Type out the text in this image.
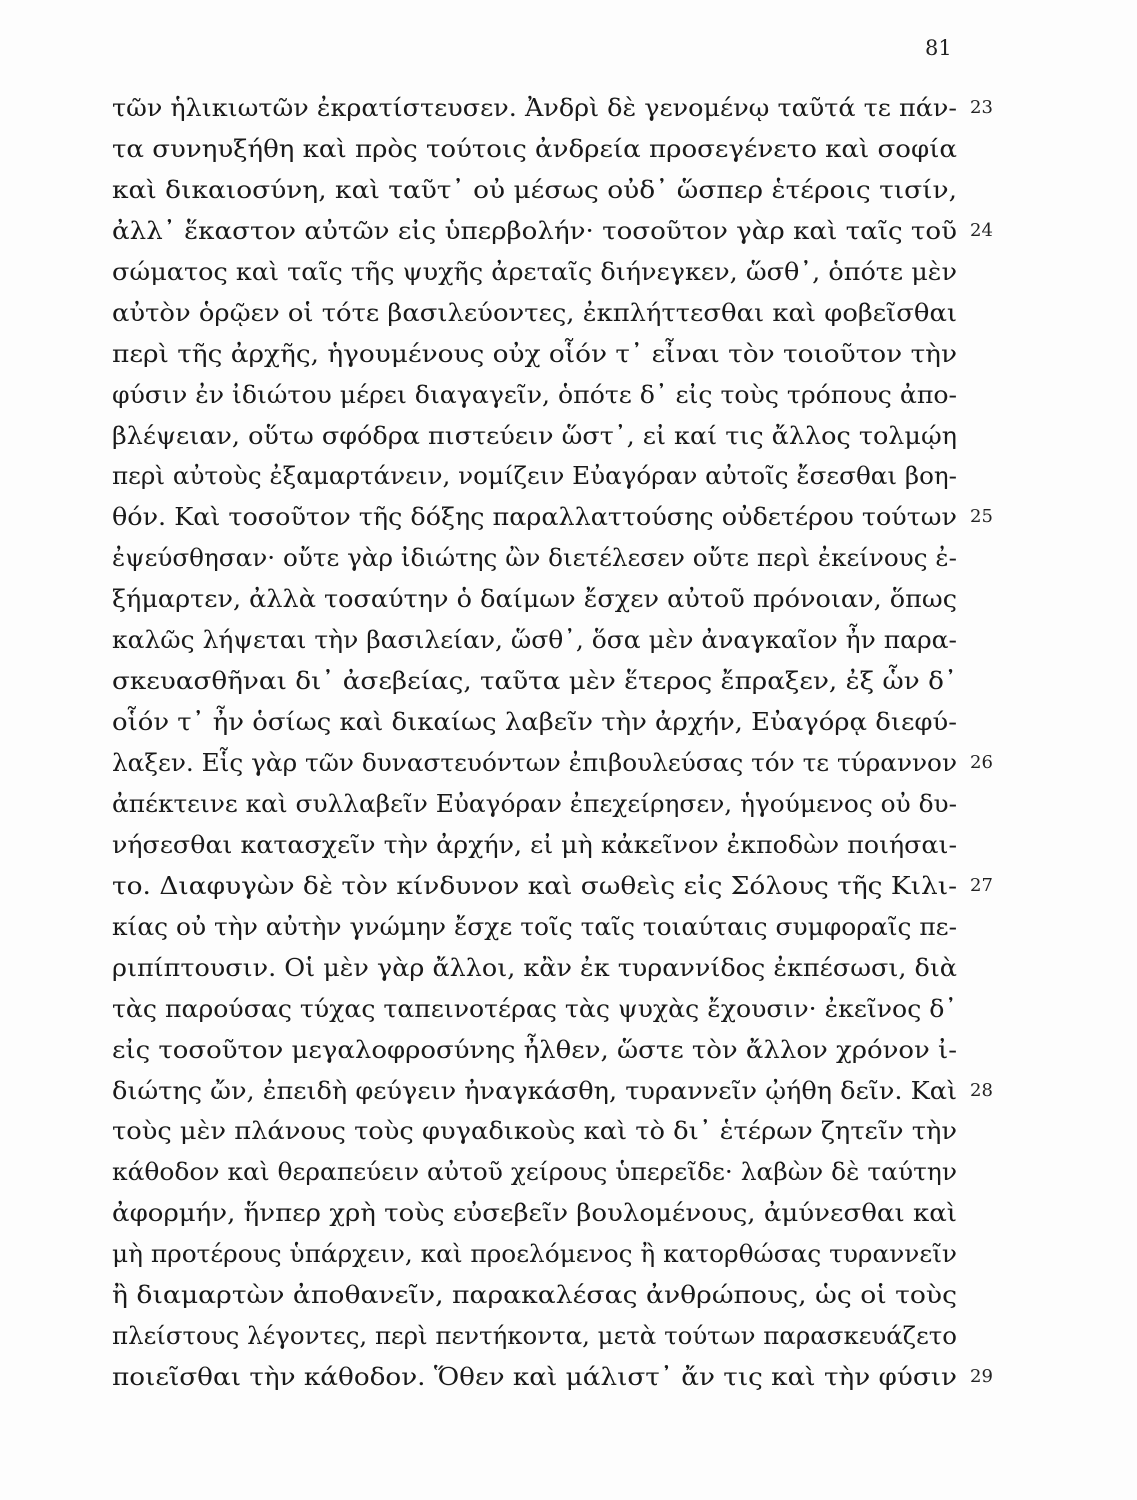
81
τῶν ἡλικιωτῶν ἐκρατίστευσεν. Ἀνδρὶ δὲ γενομένῳ ταῦτά τε πάν- 23
τα συνηυξήθη καὶ πρὸς τούτοις ἀνδρεία προσεγένετο καὶ σοφία
καὶ δικαιοσύνη, καὶ ταῦτ᾽ οὐ μέσως οὐδ᾽ ὥσπερ ἑτέροις τισίν,
ἀλλ᾽ ἕκαστον αὐτῶν εἰς ὑπερβολήν· τοσοῦτον γὰρ καὶ ταῖς τοῦ 24
σώματος καὶ ταῖς τῆς ψυχῆς ἀρεταῖς διήνεγκεν, ὥσθ᾽, ὁπότε μὲν
αὐτὸν ὁρῷεν οἱ τότε βασιλεύοντες, ἐκπλήττεσθαι καὶ φοβεῖσθαι
περὶ τῆς ἀρχῆς, ἡγουμένους οὐχ οἷόν τ᾽ εἶναι τὸν τοιοῦτον τὴν
φύσιν ἐν ἰδιώτου μέρει διαγαγεῖν, ὁπότε δ᾽ εἰς τοὺς τρόπους ἀπο-
βλέψειαν, οὕτω σφόδρα πιστεύειν ὥστ᾽, εἰ καί τις ἄλλος τολμῴη
περὶ αὐτοὺς ἐξαμαρτάνειν, νομίζειν Εὐαγόραν αὐτοῖς ἔσεσθαι βοη-
θόν. Καὶ τοσοῦτον τῆς δόξης παραλλαττούσης οὐδετέρου τούτων 25
ἐψεύσθησαν· οὔτε γὰρ ἰδιώτης ὢν διετέλεσεν οὔτε περὶ ἐκείνους ἐ-
ξήμαρτεν, ἀλλὰ τοσαύτην ὁ δαίμων ἔσχεν αὐτοῦ πρόνοιαν, ὅπως
καλῶς λήψεται τὴν βασιλείαν, ὥσθ᾽, ὅσα μὲν ἀναγκαῖον ἦν παρα-
σκευασθῆναι δι᾽ ἀσεβείας, ταῦτα μὲν ἕτερος ἔπραξεν, ἐξ ὧν δ᾽
οἷόν τ᾽ ἦν ὁσίως καὶ δικαίως λαβεῖν τὴν ἀρχήν, Εὐαγόρᾳ διεφύ-
λαξεν. Εἷς γὰρ τῶν δυναστευόντων ἐπιβουλεύσας τόν τε τύραννον 26
ἀπέκτεινε καὶ συλλαβεῖν Εὐαγόραν ἐπεχείρησεν, ἡγούμενος οὐ δυ-
νήσεσθαι κατασχεῖν τὴν ἀρχήν, εἰ μὴ κἀκεῖνον ἐκποδὼν ποιήσαι-
το. Διαφυγὼν δὲ τὸν κίνδυνον καὶ σωθεὶς εἰς Σόλους τῆς Κιλι- 27
κίας οὐ τὴν αὐτὴν γνώμην ἔσχε τοῖς ταῖς τοιαύταις συμφοραῖς πε-
ριπίπτουσιν. Οἱ μὲν γὰρ ἄλλοι, κἂν ἐκ τυραννίδος ἐκπέσωσι, διὰ
τὰς παρούσας τύχας ταπεινοτέρας τὰς ψυχὰς ἔχουσιν· ἐκεῖνος δ᾽
εἰς τοσοῦτον μεγαλοφροσύνης ἦλθεν, ὥστε τὸν ἄλλον χρόνον ἰ-
διώτης ὤν, ἐπειδὴ φεύγειν ἠναγκάσθη, τυραννεῖν ᾠήθη δεῖν. Καὶ 28
τοὺς μὲν πλάνους τοὺς φυγαδικοὺς καὶ τὸ δι᾽ ἑτέρων ζητεῖν τὴν
κάθοδον καὶ θεραπεύειν αὐτοῦ χείρους ὑπερεῖδε· λαβὼν δὲ ταύτην
ἀφορμήν, ἥνπερ χρὴ τοὺς εὐσεβεῖν βουλομένους, ἀμύνεσθαι καὶ
μὴ προτέρους ὑπάρχειν, καὶ προελόμενος ἢ κατορθώσας τυραννεῖν
ἢ διαμαρτὼν ἀποθανεῖν, παρακαλέσας ἀνθρώπους, ὡς οἱ τοὺς
πλείστους λέγοντες, περὶ πεντήκοντα, μετὰ τούτων παρασκευάζετο
ποιεῖσθαι τὴν κάθοδον. Ὅθεν καὶ μάλιστ᾽ ἄν τις καὶ τὴν φύσιν 29
